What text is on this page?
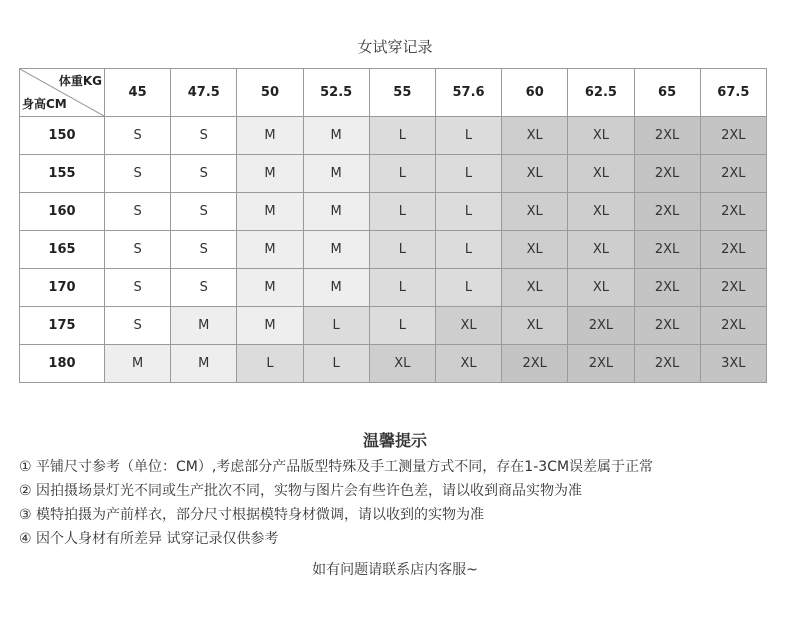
女试穿记录
体重KG
身高CM	45	47.5	50	52.5	55	57.6	60	62.5	65	67.5
150	S	S	M	M	L	L	XL	XL	2XL	2XL
155	S	S	M	M	L	L	XL	XL	2XL	2XL
160	S	S	M	M	L	L	XL	XL	2XL	2XL
165	S	S	M	M	L	L	XL	XL	2XL	2XL
170	S	S	M	M	L	L	XL	XL	2XL	2XL
175	S	M	M	L	L	XL	XL	2XL	2XL	2XL
180	M	M	L	L	XL	XL	2XL	2XL	2XL	3XL
温馨提示
① 平铺尺寸参考（单位：CM）,考虑部分产品版型特殊及手工测量方式不同，存在1-3CM误差属于正常
② 因拍摄场景灯光不同或生产批次不同，实物与图片会有些许色差，请以收到商品实物为准
③ 模特拍摄为产前样衣，部分尺寸根据模特身材微调，请以收到的实物为准
④ 因个人身材有所差异 试穿记录仅供参考
如有问题请联系店内客服~
